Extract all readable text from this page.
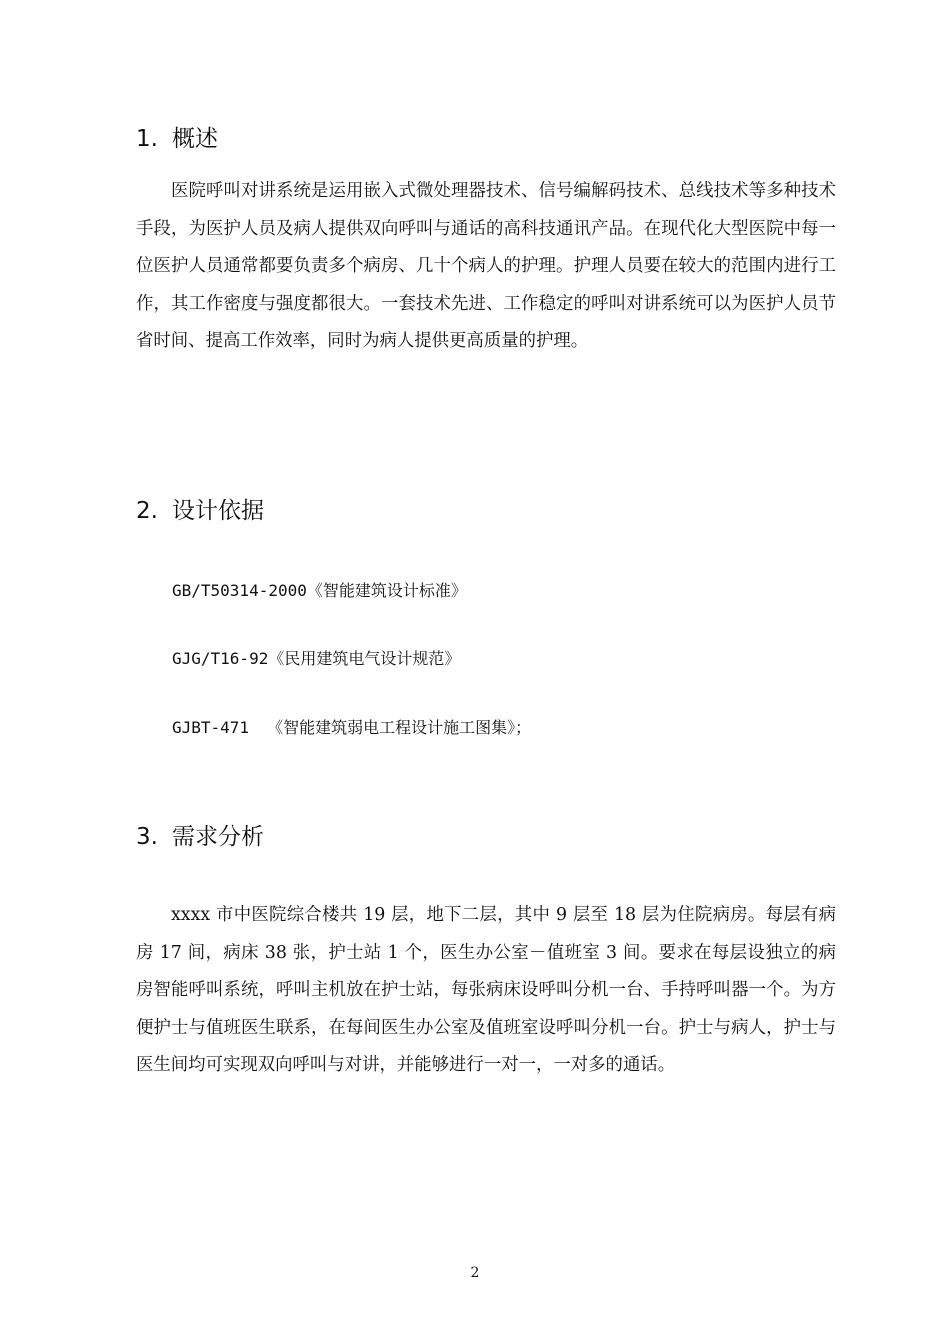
1. 概述

医院呼叫对讲系统是运用嵌入式微处理器技术、信号编解码技术、总线技术等多种技术手段，为医护人员及病人提供双向呼叫与通话的高科技通讯产品。在现代化大型医院中每一位医护人员通常都要负责多个病房、几十个病人的护理。护理人员要在较大的范围内进行工作，其工作密度与强度都很大。一套技术先进、工作稳定的呼叫对讲系统可以为医护人员节省时间、提高工作效率，同时为病人提供更高质量的护理。

2. 设计依据

GB/T50314-2000《智能建筑设计标准》

GJG/T16-92《民用建筑电气设计规范》

GJBT-471 《智能建筑弱电工程设计施工图集》；

3. 需求分析

xxxx 市中医院综合楼共 19 层，地下二层，其中 9 层至 18 层为住院病房。每层有病房 17 间，病床 38 张，护士站 1 个，医生办公室－值班室 3 间。要求在每层设独立的病房智能呼叫系统，呼叫主机放在护士站，每张病床设呼叫分机一台、手持呼叫器一个。为方便护士与值班医生联系，在每间医生办公室及值班室设呼叫分机一台。护士与病人，护士与医生间均可实现双向呼叫与对讲，并能够进行一对一，一对多的通话。

2
